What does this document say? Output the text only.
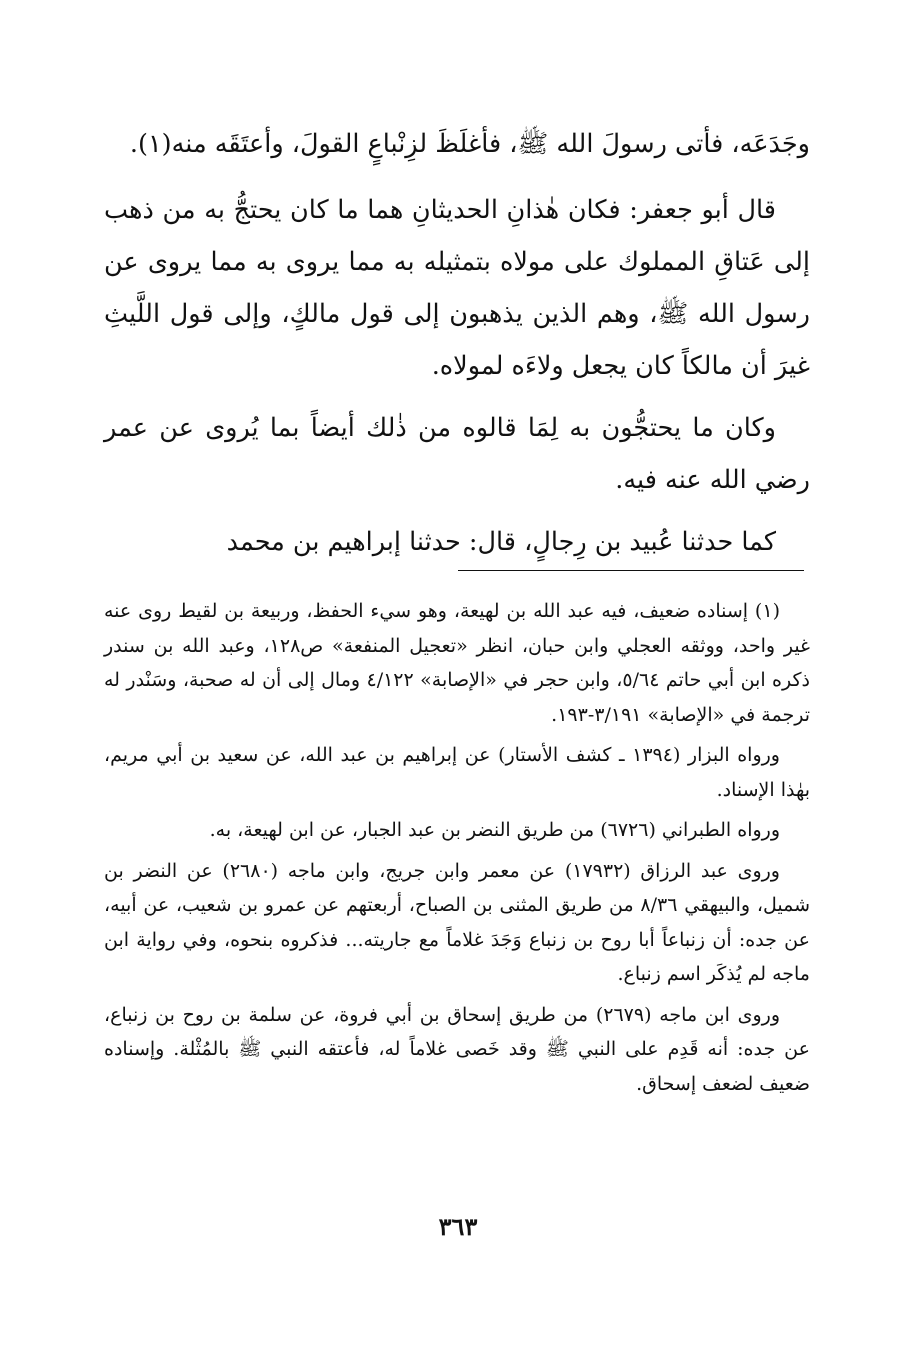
وجَدَعَه، فأتى رسولَ الله ﷺ، فأغلَظَ لزِنْباعٍ القولَ، وأعتَقَه منه(١).

قال أبو جعفر: فكان هٰذانِ الحديثانِ هما ما كان يحتجُّ به من ذهب إلى عَتاقِ المملوك على مولاه بتمثيله به مما يروى به مما يروى عن رسول الله ﷺ، وهم الذين يذهبون إلى قول مالكٍ، وإلى قول اللَّيثِ غيرَ أن مالكاً كان يجعل ولاءَه لمولاه.

وكان ما يحتجُّون به لِمَا قالوه من ذٰلك أيضاً بما يُروى عن عمر رضي الله عنه فيه.

كما حدثنا عُبيد بن رِجالٍ، قال: حدثنا إبراهيم بن محمد

(١) إسناده ضعيف، فيه عبد الله بن لهيعة، وهو سيء الحفظ، وربيعة بن لقيط روى عنه غير واحد، ووثقه العجلي وابن حبان، انظر «تعجيل المنفعة» ص١٢٨، وعبد الله بن سندر ذكره ابن أبي حاتم ٥/٦٤، وابن حجر في «الإصابة» ٤/١٢٢ ومال إلى أن له صحبة، وسَنْدر له ترجمة في «الإصابة» ٣/١٩١-١٩٣.

ورواه البزار (١٣٩٤ ـ كشف الأستار) عن إبراهيم بن عبد الله، عن سعيد بن أبي مريم، بهٰذا الإسناد.

ورواه الطبراني (٦٧٢٦) من طريق النضر بن عبد الجبار، عن ابن لهيعة، به.

وروى عبد الرزاق (١٧٩٣٢) عن معمر وابن جريج، وابن ماجه (٢٦٨٠) عن النضر بن شميل، والبيهقي ٨/٣٦ من طريق المثنى بن الصباح، أربعتهم عن عمرو بن شعيب، عن أبيه، عن جده: أن زنباعاً أبا روح بن زنباع وَجَدَ غلاماً مع جاريته... فذكروه بنحوه، وفي رواية ابن ماجه لم يُذكَر اسم زنباع.

وروى ابن ماجه (٢٦٧٩) من طريق إسحاق بن أبي فروة، عن سلمة بن روح بن زنباع، عن جده: أنه قَدِم على النبي ﷺ وقد خَصى غلاماً له، فأعتقه النبي ﷺ بالمُثْلة. وإسناده ضعيف لضعف إسحاق.

٣٦٣
